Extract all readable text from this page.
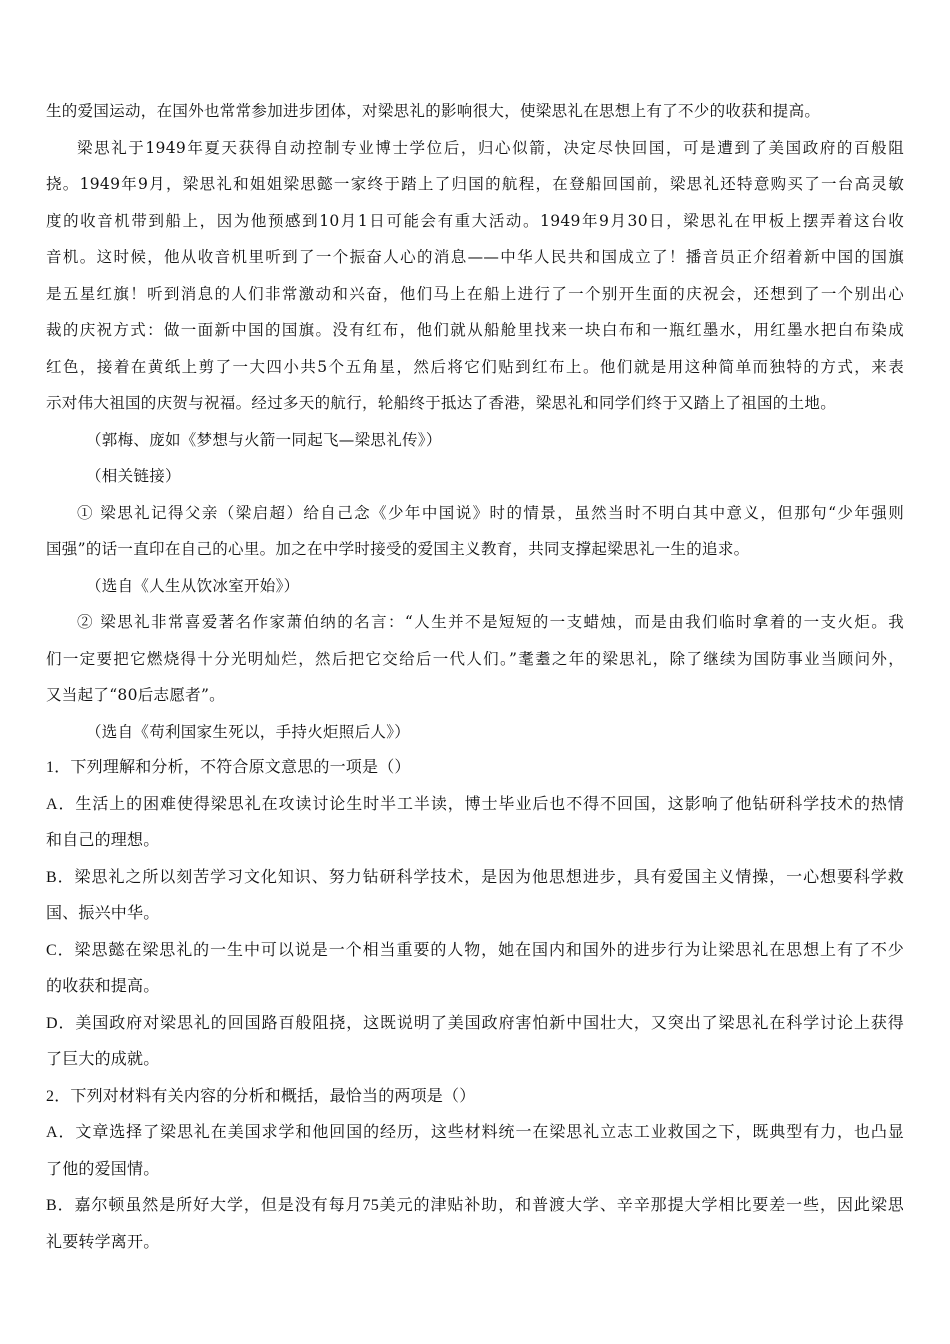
生的爱国运动，在国外也常常参加进步团体，对梁思礼的影响很大，使梁思礼在思想上有了不少的收获和提高。
梁思礼于1949年夏天获得自动控制专业博士学位后，归心似箭，决定尽快回国，可是遭到了美国政府的百般阻
挠。1949年9月，梁思礼和姐姐梁思懿一家终于踏上了归国的航程，在登船回国前，梁思礼还特意购买了一台高灵敏
度的收音机带到船上，因为他预感到10月1日可能会有重大活动。1949年9月30日，梁思礼在甲板上摆弄着这台收
音机。这时候，他从收音机里听到了一个振奋人心的消息——中华人民共和国成立了！播音员正介绍着新中国的国旗
是五星红旗！听到消息的人们非常激动和兴奋，他们马上在船上进行了一个别开生面的庆祝会，还想到了一个别出心
裁的庆祝方式：做一面新中国的国旗。没有红布，他们就从船舱里找来一块白布和一瓶红墨水，用红墨水把白布染成
红色，接着在黄纸上剪了一大四小共5个五角星，然后将它们贴到红布上。他们就是用这种简单而独特的方式，来表
示对伟大祖国的庆贺与祝福。经过多天的航行，轮船终于抵达了香港，梁思礼和同学们终于又踏上了祖国的土地。
（郭梅、庞如《梦想与火箭一同起飞—梁思礼传》）
（相关链接）
① 梁思礼记得父亲（梁启超）给自己念《少年中国说》时的情景，虽然当时不明白其中意义，但那句“少年强则
国强”的话一直印在自己的心里。加之在中学时接受的爱国主义教育，共同支撑起梁思礼一生的追求。
（选自《人生从饮冰室开始》）
② 梁思礼非常喜爱著名作家萧伯纳的名言：“人生并不是短短的一支蜡烛，而是由我们临时拿着的一支火炬。我
们一定要把它燃烧得十分光明灿烂，然后把它交给后一代人们。”耄耋之年的梁思礼，除了继续为国防事业当顾问外，
又当起了“80后志愿者”。
（选自《苟利国家生死以，手持火炬照后人》）
1．下列理解和分析，不符合原文意思的一项是（）
A．生活上的困难使得梁思礼在攻读讨论生时半工半读，博士毕业后也不得不回国，这影响了他钻研科学技术的热情
和自己的理想。
B．梁思礼之所以刻苦学习文化知识、努力钻研科学技术，是因为他思想进步，具有爱国主义情操，一心想要科学救
国、振兴中华。
C．梁思懿在梁思礼的一生中可以说是一个相当重要的人物，她在国内和国外的进步行为让梁思礼在思想上有了不少
的收获和提高。
D．美国政府对梁思礼的回国路百般阻挠，这既说明了美国政府害怕新中国壮大，又突出了梁思礼在科学讨论上获得
了巨大的成就。
2．下列对材料有关内容的分析和概括，最恰当的两项是（）
A．文章选择了梁思礼在美国求学和他回国的经历，这些材料统一在梁思礼立志工业救国之下，既典型有力，也凸显
了他的爱国情。
B．嘉尔顿虽然是所好大学，但是没有每月75美元的津贴补助，和普渡大学、辛辛那提大学相比要差一些，因此梁思
礼要转学离开。
